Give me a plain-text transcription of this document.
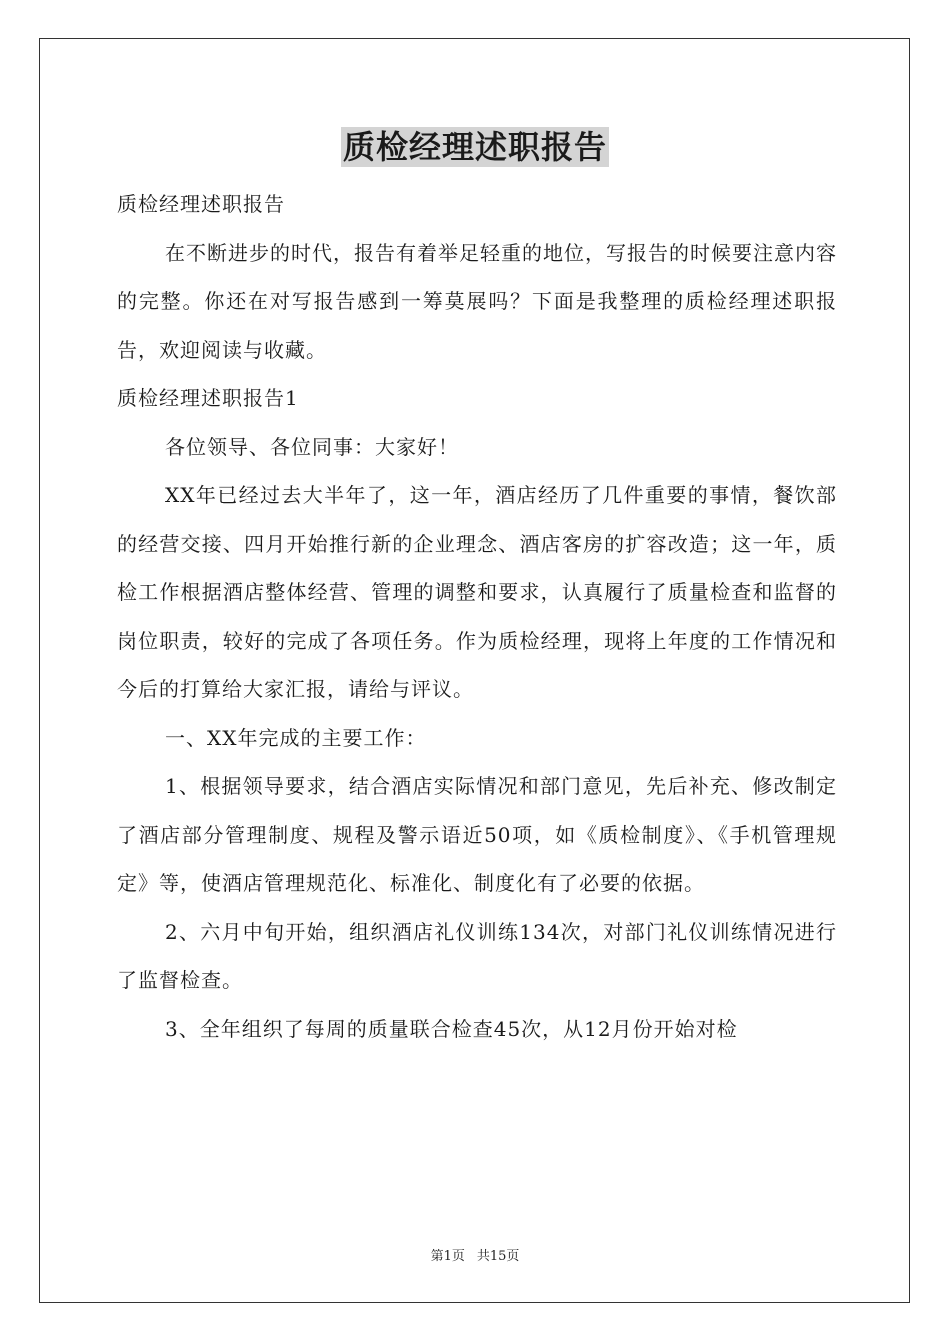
质检经理述职报告

质检经理述职报告

在不断进步的时代，报告有着举足轻重的地位，写报告的时候要注意内容的完整。你还在对写报告感到一筹莫展吗？下面是我整理的质检经理述职报告，欢迎阅读与收藏。

质检经理述职报告1

各位领导、各位同事：大家好！

XX年已经过去大半年了，这一年，酒店经历了几件重要的事情，餐饮部的经营交接、四月开始推行新的企业理念、酒店客房的扩容改造；这一年，质检工作根据酒店整体经营、管理的调整和要求，认真履行了质量检查和监督的岗位职责，较好的完成了各项任务。作为质检经理，现将上年度的工作情况和今后的打算给大家汇报，请给与评议。

一、XX年完成的主要工作：

1、根据领导要求，结合酒店实际情况和部门意见，先后补充、修改制定了酒店部分管理制度、规程及警示语近50项，如《质检制度》、《手机管理规定》等，使酒店管理规范化、标准化、制度化有了必要的依据。

2、六月中旬开始，组织酒店礼仪训练134次，对部门礼仪训练情况进行了监督检查。

3、全年组织了每周的质量联合检查45次，从12月份开始对检

第1页 共15页
